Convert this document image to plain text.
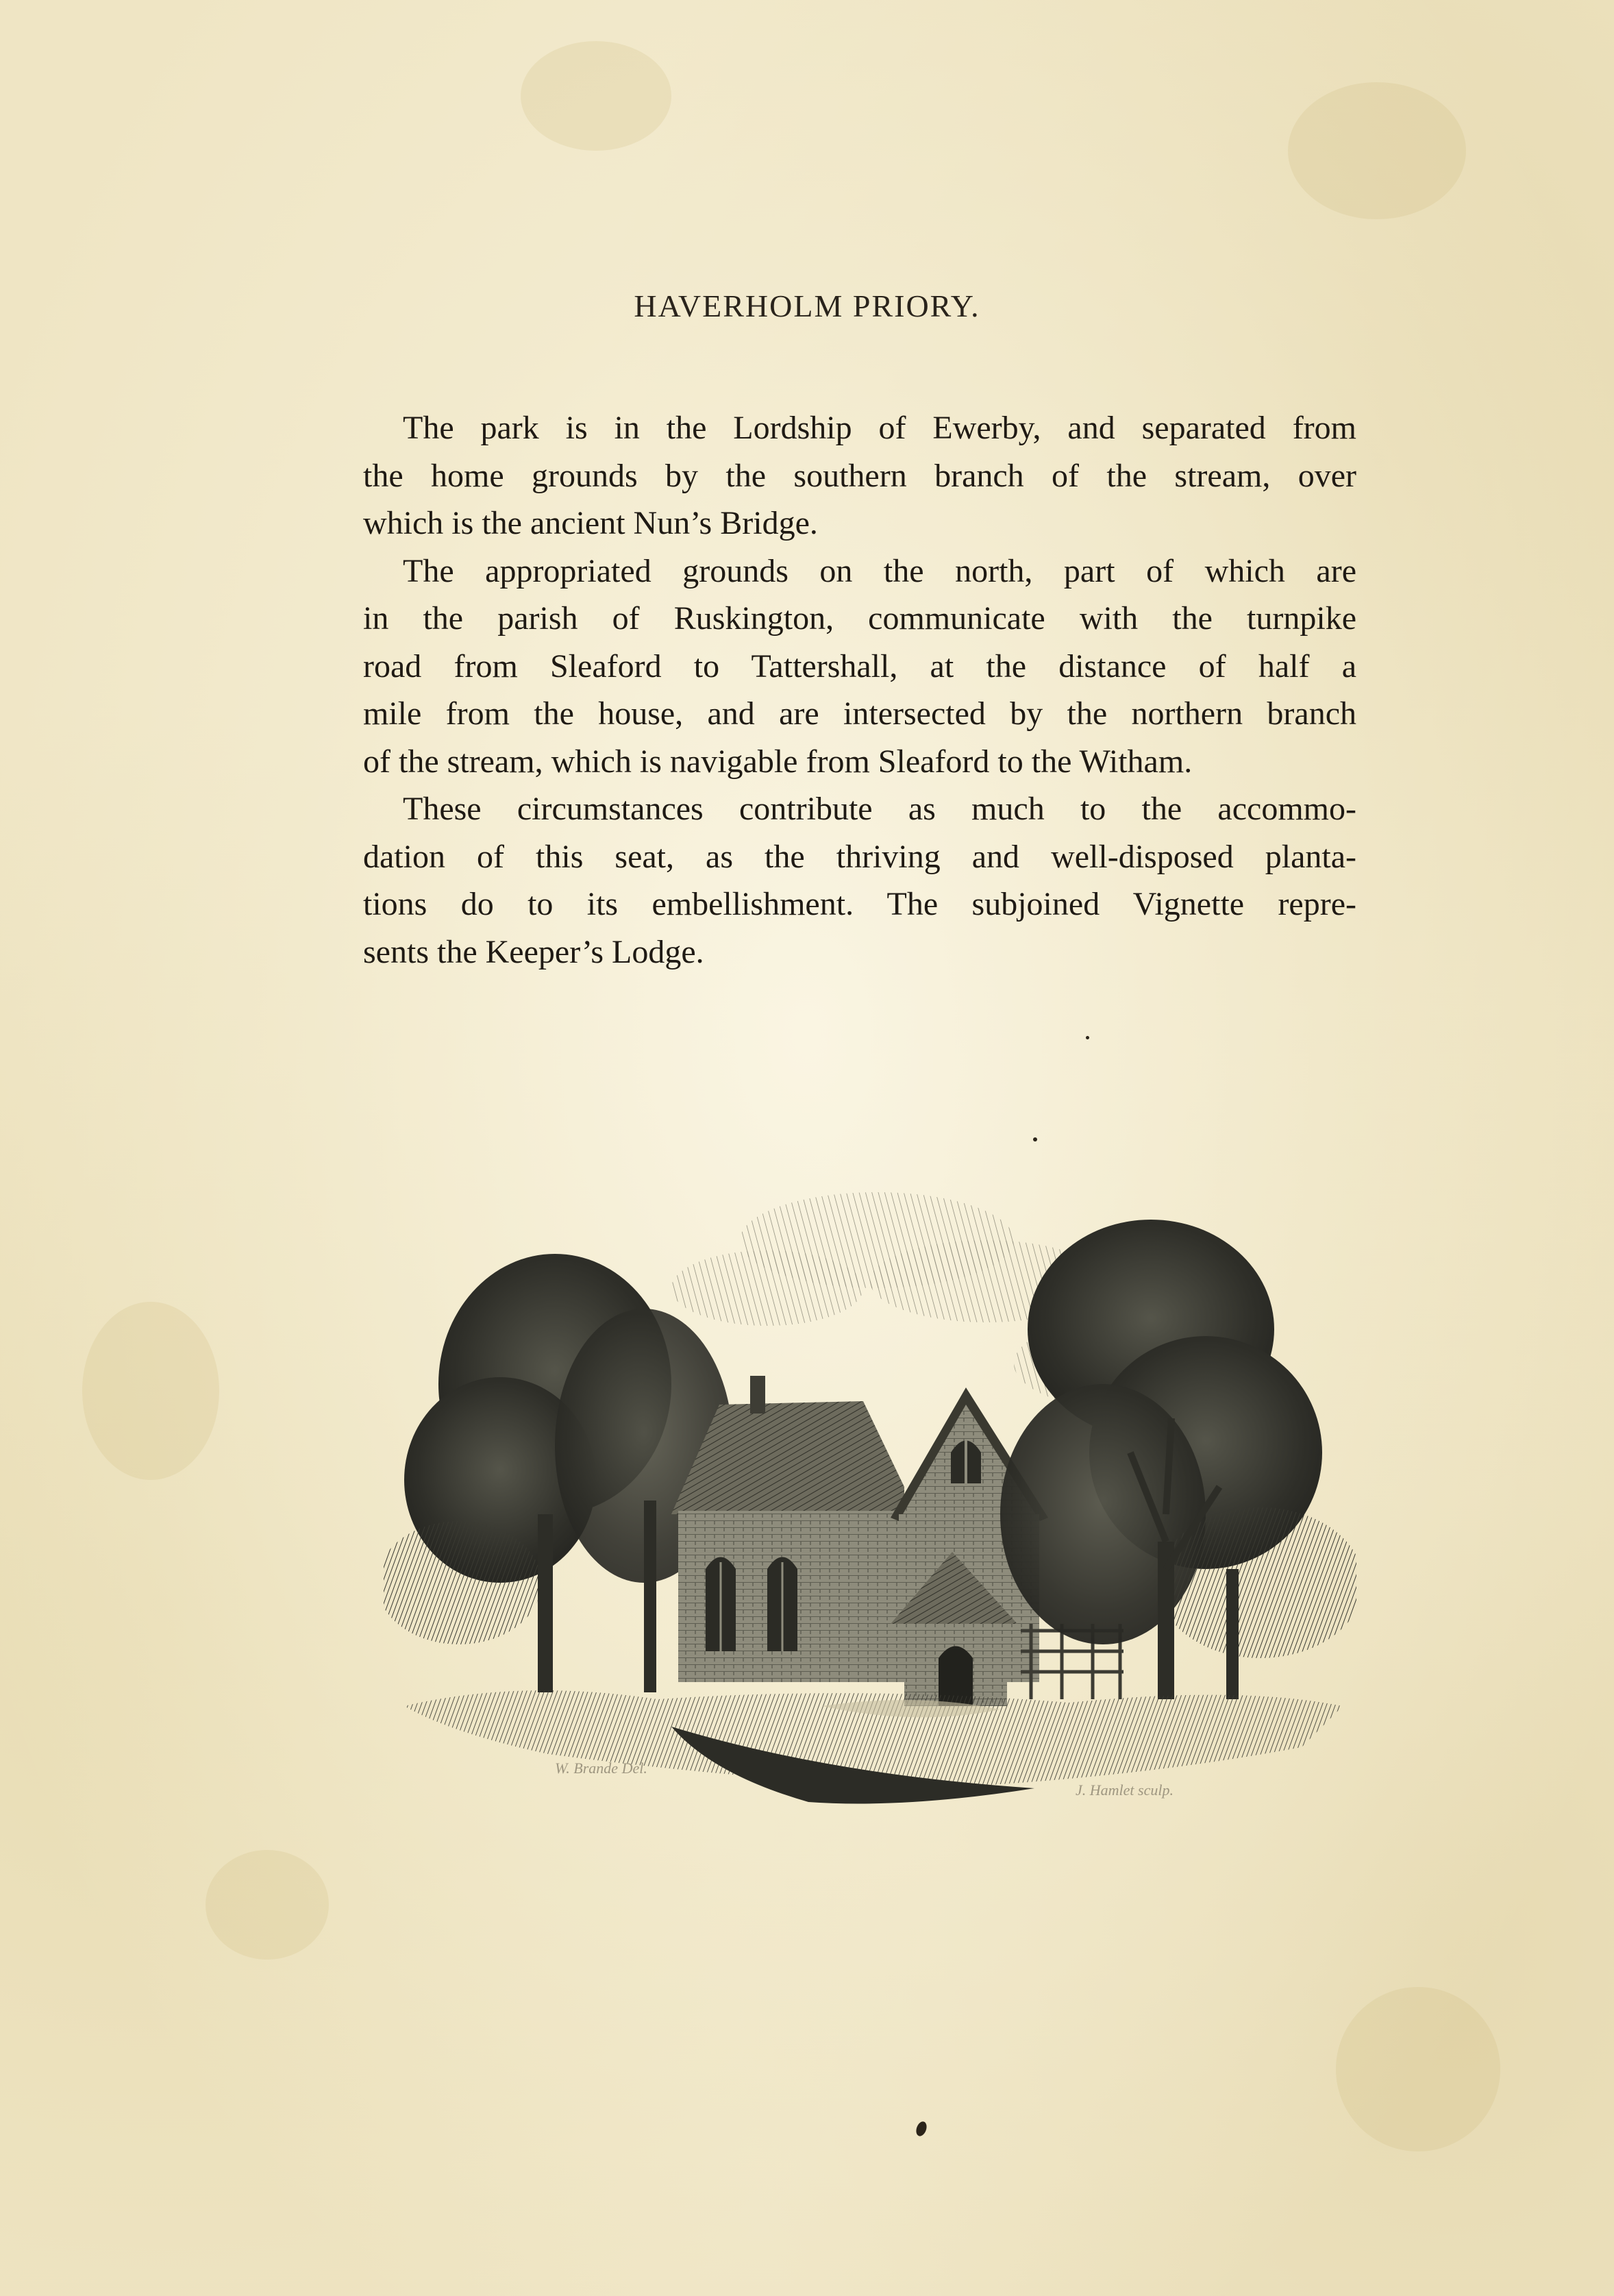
HAVERHOLM PRIORY.

The park is in the Lordship of Ewerby, and separated from
the home grounds by the southern branch of the stream, over
which is the ancient Nun’s Bridge.

The appropriated grounds on the north, part of which are
in the parish of Ruskington, communicate with the turnpike
road from Sleaford to Tattershall, at the distance of half a
mile from the house, and are intersected by the northern branch
of the stream, which is navigable from Sleaford to the Witham.

These circumstances contribute as much to the accommo-
dation of this seat, as the thriving and well-disposed planta-
tions do to its embellishment. The subjoined Vignette repre-
sents the Keeper’s Lodge.

W. Brande Del.
J. Hamlet sculp.
